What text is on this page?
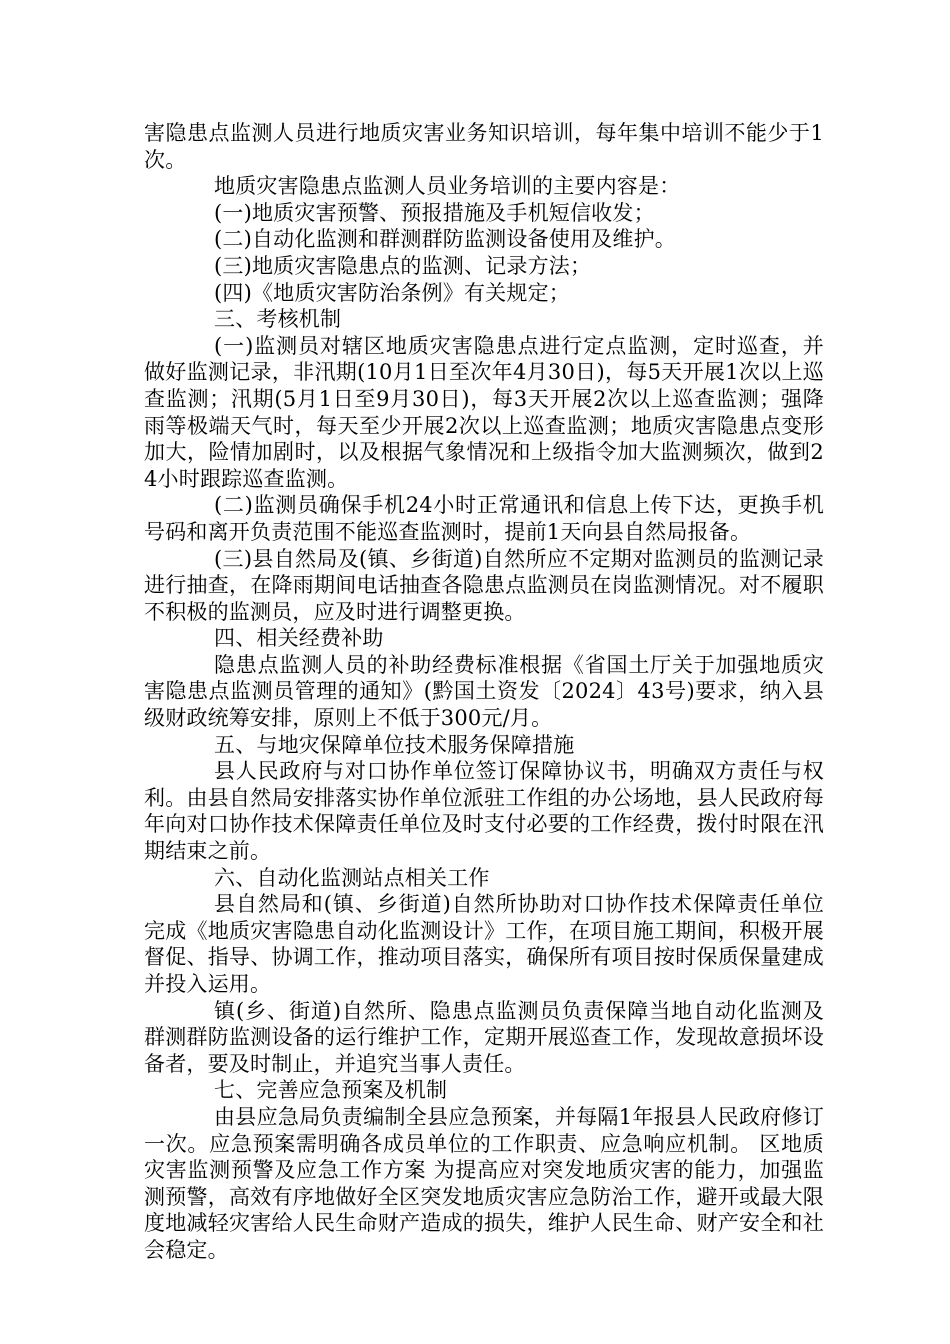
害隐患点监测人员进行地质灾害业务知识培训，每年集中培训不能少于1次。

地质灾害隐患点监测人员业务培训的主要内容是：

(一)地质灾害预警、预报措施及手机短信收发；

(二)自动化监测和群测群防监测设备使用及维护。

(三)地质灾害隐患点的监测、记录方法；

(四)《地质灾害防治条例》有关规定；

三、考核机制

(一)监测员对辖区地质灾害隐患点进行定点监测，定时巡查，并做好监测记录，非汛期(10月1日至次年4月30日)，每5天开展1次以上巡查监测；汛期(5月1日至9月30日)，每3天开展2次以上巡查监测；强降雨等极端天气时，每天至少开展2次以上巡查监测；地质灾害隐患点变形加大，险情加剧时，以及根据气象情况和上级指令加大监测频次，做到24小时跟踪巡查监测。

(二)监测员确保手机24小时正常通讯和信息上传下达，更换手机号码和离开负责范围不能巡查监测时，提前1天向县自然局报备。

(三)县自然局及(镇、乡街道)自然所应不定期对监测员的监测记录进行抽查，在降雨期间电话抽查各隐患点监测员在岗监测情况。对不履职不积极的监测员，应及时进行调整更换。

四、相关经费补助

隐患点监测人员的补助经费标准根据《省国土厅关于加强地质灾害隐患点监测员管理的通知》(黔国土资发〔2024〕43号)要求，纳入县级财政统筹安排，原则上不低于300元/月。

五、与地灾保障单位技术服务保障措施

县人民政府与对口协作单位签订保障协议书，明确双方责任与权利。由县自然局安排落实协作单位派驻工作组的办公场地，县人民政府每年向对口协作技术保障责任单位及时支付必要的工作经费，拨付时限在汛期结束之前。

六、自动化监测站点相关工作

县自然局和(镇、乡街道)自然所协助对口协作技术保障责任单位完成《地质灾害隐患自动化监测设计》工作，在项目施工期间，积极开展督促、指导、协调工作，推动项目落实，确保所有项目按时保质保量建成并投入运用。

镇(乡、街道)自然所、隐患点监测员负责保障当地自动化监测及群测群防监测设备的运行维护工作，定期开展巡查工作，发现故意损坏设备者，要及时制止，并追究当事人责任。

七、完善应急预案及机制

由县应急局负责编制全县应急预案，并每隔1年报县人民政府修订一次。应急预案需明确各成员单位的工作职责、应急响应机制。 区地质灾害监测预警及应急工作方案 为提高应对突发地质灾害的能力，加强监测预警，高效有序地做好全区突发地质灾害应急防治工作，避开或最大限度地减轻灾害给人民生命财产造成的损失，维护人民生命、财产安全和社会稳定。
